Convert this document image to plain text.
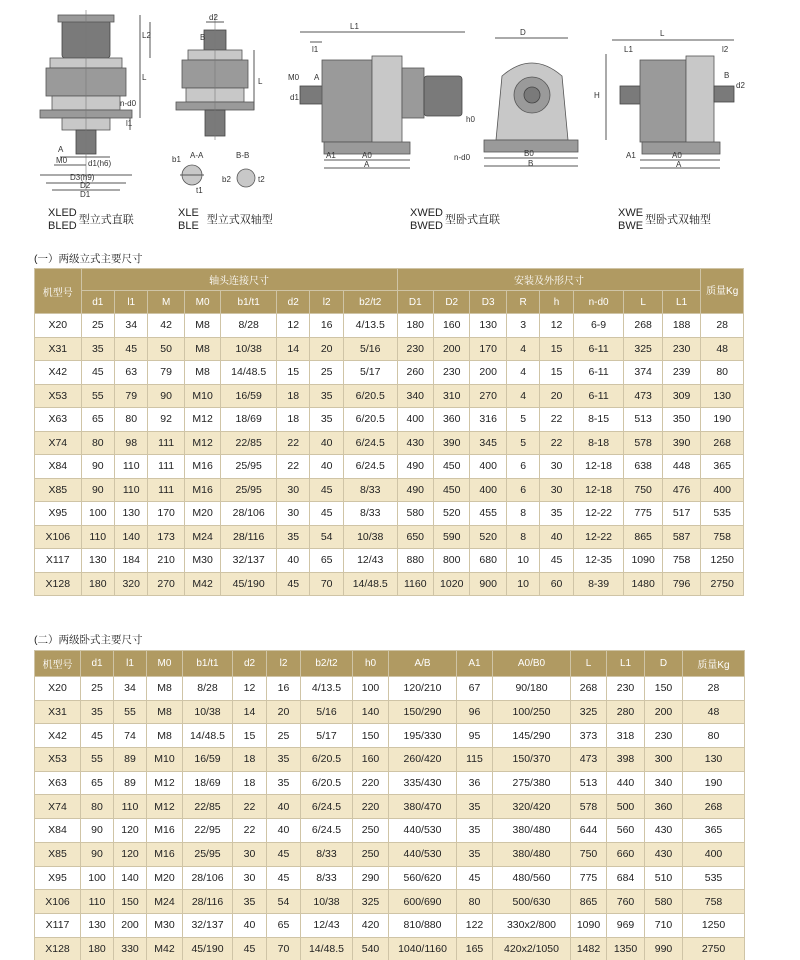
L2
L
n-d0
l1
A
M0	d1(h6)
D3(h9)
D2
D1
d2
B
L
A-A
b1
t1
B-B
b2	t2
L1
l1
M0 A
d1
A1	A0
A
D
h0
n-d0	B0
B
L
L1	l2
H
d2
B
A1	A0
A
XLED
BLED型立式直联
XLE
BLE型立式双轴型
XWED
BWED型卧式直联
XWE
BWE型卧式双轴型
(一）两级立式主要尺寸
机型号	轴头连接尺寸								安装及外形尺寸								质量Kg
	d1	l1	M	M0	b1/t1	d2	l2	b2/t2	D1	D2	D3	R	h	n-d0	L	L1	
X20	25	34	42	M8	8/28	12	16	4/13.5	180	160	130	3	12	6-9	268	188	28
X31	35	45	50	M8	10/38	14	20	5/16	230	200	170	4	15	6-11	325	230	48
X42	45	63	79	M8	14/48.5	15	25	5/17	260	230	200	4	15	6-11	374	239	80
X53	55	79	90	M10	16/59	18	35	6/20.5	340	310	270	4	20	6-11	473	309	130
X63	65	80	92	M12	18/69	18	35	6/20.5	400	360	316	5	22	8-15	513	350	190
X74	80	98	111	M12	22/85	22	40	6/24.5	430	390	345	5	22	8-18	578	390	268
X84	90	110	111	M16	25/95	22	40	6/24.5	490	450	400	6	30	12-18	638	448	365
X85	90	110	111	M16	25/95	30	45	8/33	490	450	400	6	30	12-18	750	476	400
X95	100	130	170	M20	28/106	30	45	8/33	580	520	455	8	35	12-22	775	517	535
X106	110	140	173	M24	28/116	35	54	10/38	650	590	520	8	40	12-22	865	587	758
X117	130	184	210	M30	32/137	40	65	12/43	880	800	680	10	45	12-35	1090	758	1250
X128	180	320	270	M42	45/190	45	70	14/48.5	1160	1020	900	10	60	8-39	1480	796	2750
(二）两级卧式主要尺寸
机型号	d1	l1	M0	b1/t1	d2	l2	b2/t2	h0	A/B	A1	A0/B0	L	L1	D	质量Kg
X20	25	34	M8	8/28	12	16	4/13.5	100	120/210	67	90/180	268	230	150	28
X31	35	55	M8	10/38	14	20	5/16	140	150/290	96	100/250	325	280	200	48
X42	45	74	M8	14/48.5	15	25	5/17	150	195/330	95	145/290	373	318	230	80
X53	55	89	M10	16/59	18	35	6/20.5	160	260/420	115	150/370	473	398	300	130
X63	65	89	M12	18/69	18	35	6/20.5	220	335/430	36	275/380	513	440	340	190
X74	80	110	M12	22/85	22	40	6/24.5	220	380/470	35	320/420	578	500	360	268
X84	90	120	M16	22/95	22	40	6/24.5	250	440/530	35	380/480	644	560	430	365
X85	90	120	M16	25/95	30	45	8/33	250	440/530	35	380/480	750	660	430	400
X95	100	140	M20	28/106	30	45	8/33	290	560/620	45	480/560	775	684	510	535
X106	110	150	M24	28/116	35	54	10/38	325	600/690	80	500/630	865	760	580	758
X117	130	200	M30	32/137	40	65	12/43	420	810/880	122	330x2/800	1090	969	710	1250
X128	180	330	M42	45/190	45	70	14/48.5	540	1040/1160	165	420x2/1050	1482	1350	990	2750
